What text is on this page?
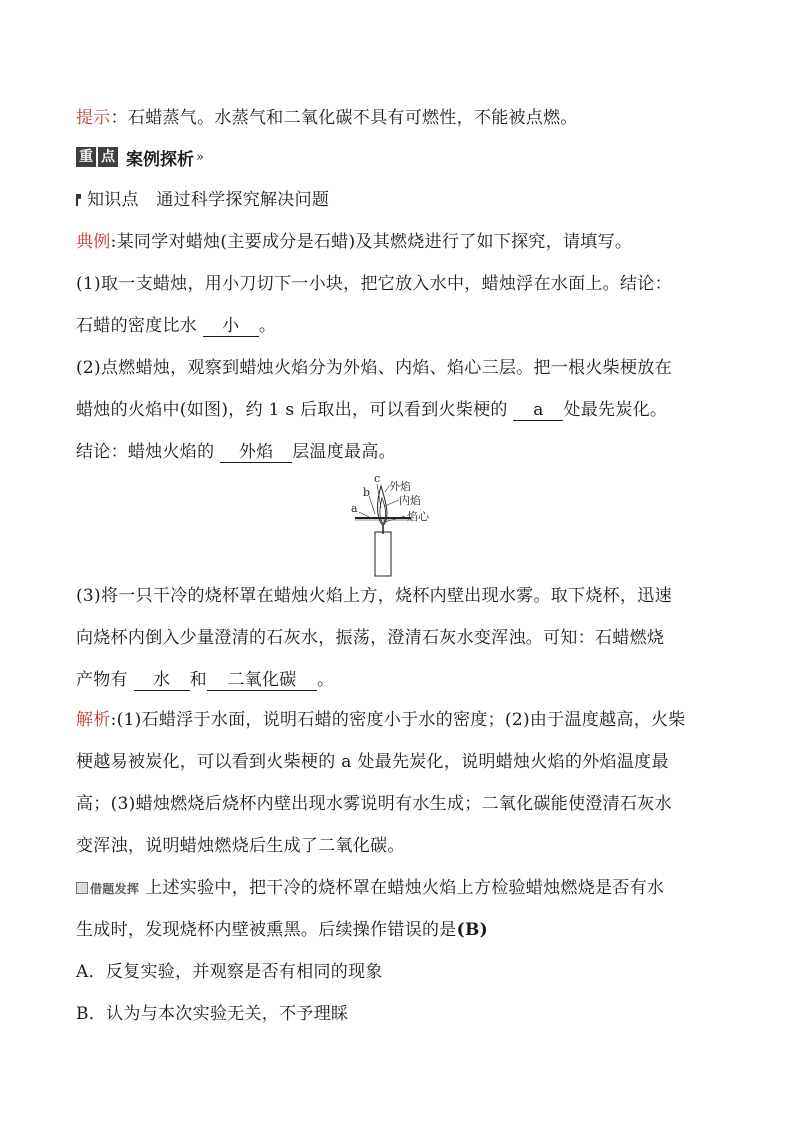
提示：石蜡蒸气。水蒸气和二氧化碳不具有可燃性，不能被点燃。
重 点 案例探析 »
知识点　通过科学探究解决问题
典例:某同学对蜡烛(主要成分是石蜡)及其燃烧进行了如下探究，请填写。
(1)取一支蜡烛，用小刀切下一小块，把它放入水中，蜡烛浮在水面上。结论：
石蜡的密度比水 小 。
(2)点燃蜡烛，观察到蜡烛火焰分为外焰、内焰、焰心三层。把一根火柴梗放在
蜡烛的火焰中(如图)，约 1 s 后取出，可以看到火柴梗的 a 处最先炭化。
结论：蜡烛火焰的 外焰 层温度最高。
a
b
c
外焰
内焰
焰心
(3)将一只干冷的烧杯罩在蜡烛火焰上方，烧杯内壁出现水雾。取下烧杯，迅速
向烧杯内倒入少量澄清的石灰水，振荡，澄清石灰水变浑浊。可知：石蜡燃烧
产物有 水 和 二氧化碳 。
解析:(1)石蜡浮于水面，说明石蜡的密度小于水的密度；(2)由于温度越高，火柴
梗越易被炭化，可以看到火柴梗的 a 处最先炭化，说明蜡烛火焰的外焰温度最
高；(3)蜡烛燃烧后烧杯内壁出现水雾说明有水生成；二氧化碳能使澄清石灰水
变浑浊，说明蜡烛燃烧后生成了二氧化碳。
借题发挥 上述实验中，把干冷的烧杯罩在蜡烛火焰上方检验蜡烛燃烧是否有水
生成时，发现烧杯内壁被熏黑。后续操作错误的是(B)
A．反复实验，并观察是否有相同的现象
B．认为与本次实验无关，不予理睬
